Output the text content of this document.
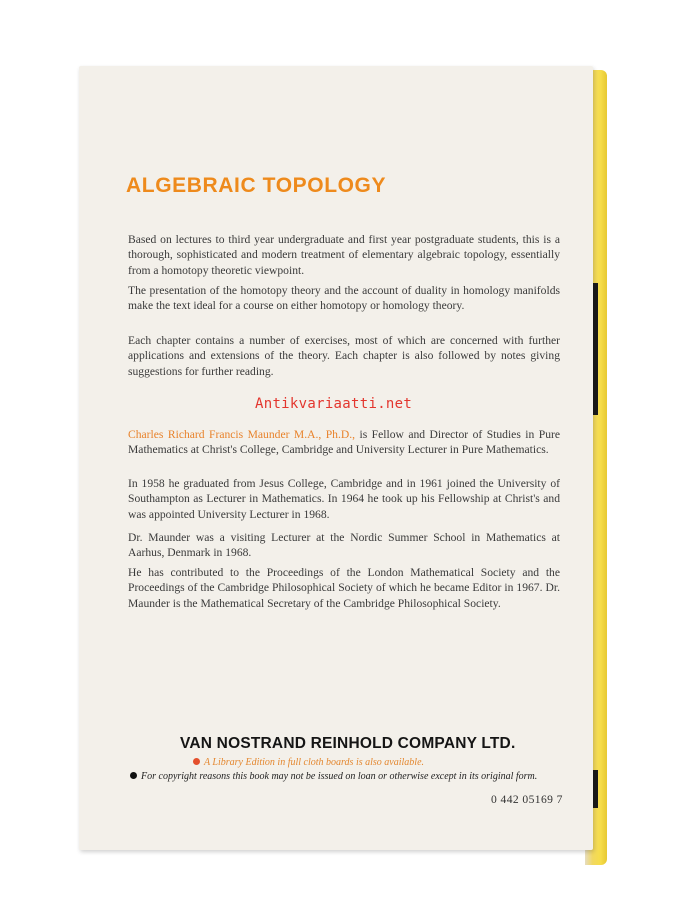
ALGEBRAIC TOPOLOGY

Based on lectures to third year undergraduate and first year postgraduate students, this is a thorough, sophisticated and modern treatment of elementary algebraic topology, essentially from a homotopy theoretic viewpoint.

The presentation of the homotopy theory and the account of duality in homology manifolds make the text ideal for a course on either homotopy or homology theory.

Each chapter contains a number of exercises, most of which are concerned with further applications and extensions of the theory. Each chapter is also followed by notes giving suggestions for further reading.

Antikvariaatti.net

Charles Richard Francis Maunder M.A., Ph.D., is Fellow and Director of Studies in Pure Mathematics at Christ's College, Cambridge and University Lecturer in Pure Mathematics.

In 1958 he graduated from Jesus College, Cambridge and in 1961 joined the University of Southampton as Lecturer in Mathematics. In 1964 he took up his Fellowship at Christ's and was appointed University Lecturer in 1968.

Dr. Maunder was a visiting Lecturer at the Nordic Summer School in Mathematics at Aarhus, Denmark in 1968.

He has contributed to the Proceedings of the London Mathematical Society and the Proceedings of the Cambridge Philosophical Society of which he became Editor in 1967. Dr. Maunder is the Mathematical Secretary of the Cambridge Philosophical Society.

VAN NOSTRAND REINHOLD COMPANY LTD.
A Library Edition in full cloth boards is also available.
For copyright reasons this book may not be issued on loan or otherwise except in its original form.
0 442 05169 7
